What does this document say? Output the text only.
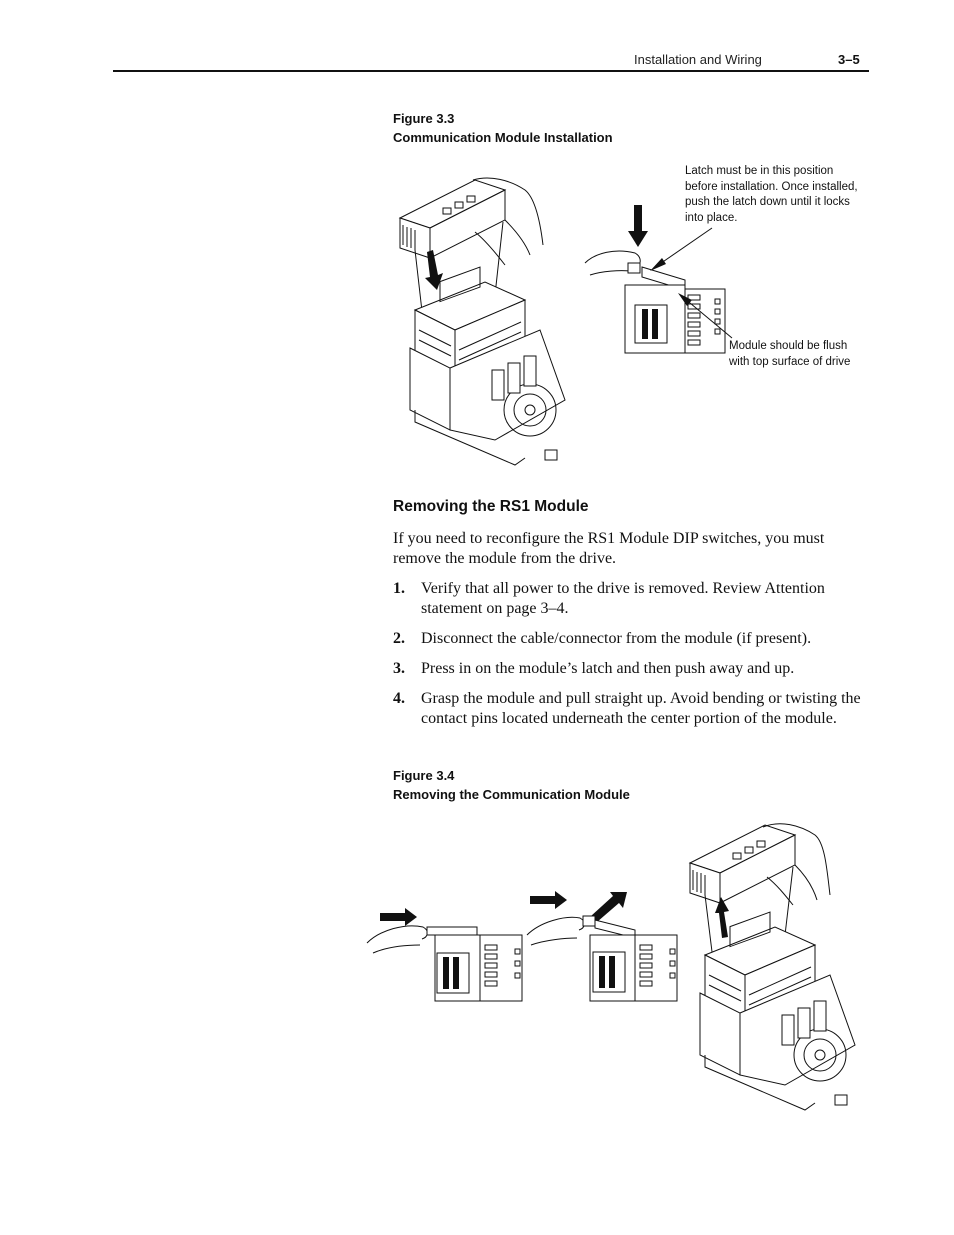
Installation and Wiring	3–5
Figure 3.3
Communication Module Installation
Latch must be in this position
before installation. Once installed,
push the latch down until it locks
into place.
Module should be flush
with top surface of drive
Removing the RS1 Module
If you need to reconfigure the RS1 Module DIP switches, you must remove the module from the drive.
1.	Verify that all power to the drive is removed. Review Attention statement on page 3–4.
2.	Disconnect the cable/connector from the module (if present).
3.	Press in on the module’s latch and then push away and up.
4.	Grasp the module and pull straight up. Avoid bending or twisting the contact pins located underneath the center portion of the module.
Figure 3.4
Removing the Communication Module
